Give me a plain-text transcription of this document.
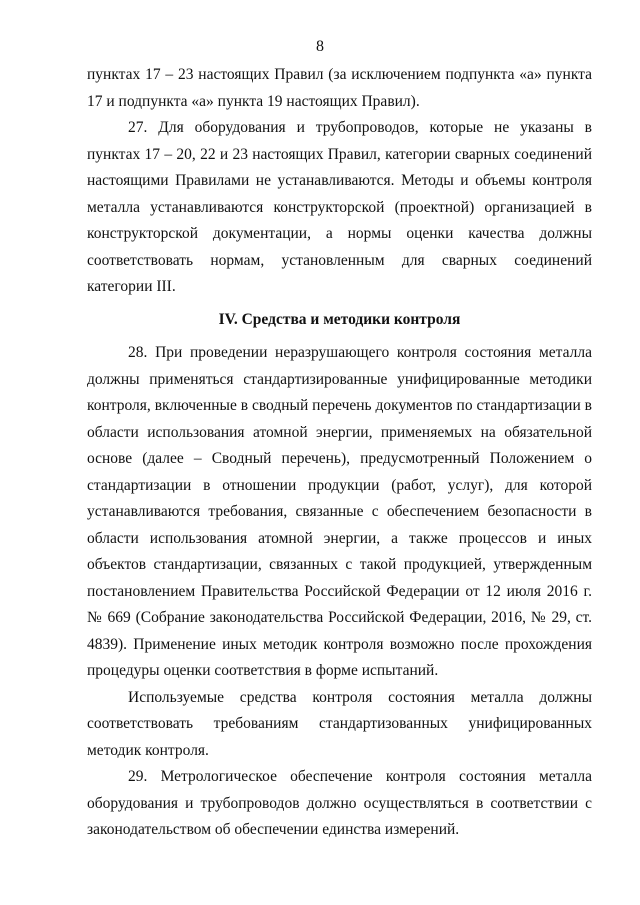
8

пунктах 17 – 23 настоящих Правил (за исключением подпункта «а» пункта 17 и подпункта «а» пункта 19 настоящих Правил).

27. Для оборудования и трубопроводов, которые не указаны в пунктах 17 – 20, 22 и 23 настоящих Правил, категории сварных соединений настоящими Правилами не устанавливаются. Методы и объемы контроля металла устанавливаются конструкторской (проектной) организацией в конструкторской документации, а нормы оценки качества должны соответствовать нормам, установленным для сварных соединений категории III.

IV. Средства и методики контроля

28. При проведении неразрушающего контроля состояния металла должны применяться стандартизированные унифицированные методики контроля, включенные в сводный перечень документов по стандартизации в области использования атомной энергии, применяемых на обязательной основе (далее – Сводный перечень), предусмотренный Положением о стандартизации в отношении продукции (работ, услуг), для которой устанавливаются требования, связанные с обеспечением безопасности в области использования атомной энергии, а также процессов и иных объектов стандартизации, связанных с такой продукцией, утвержденным постановлением Правительства Российской Федерации от 12 июля 2016 г. № 669 (Собрание законодательства Российской Федерации, 2016, № 29, ст. 4839). Применение иных методик контроля возможно после прохождения процедуры оценки соответствия в форме испытаний.

Используемые средства контроля состояния металла должны соответствовать требованиям стандартизованных унифицированных методик контроля.

29. Метрологическое обеспечение контроля состояния металла оборудования и трубопроводов должно осуществляться в соответствии с законодательством об обеспечении единства измерений.
